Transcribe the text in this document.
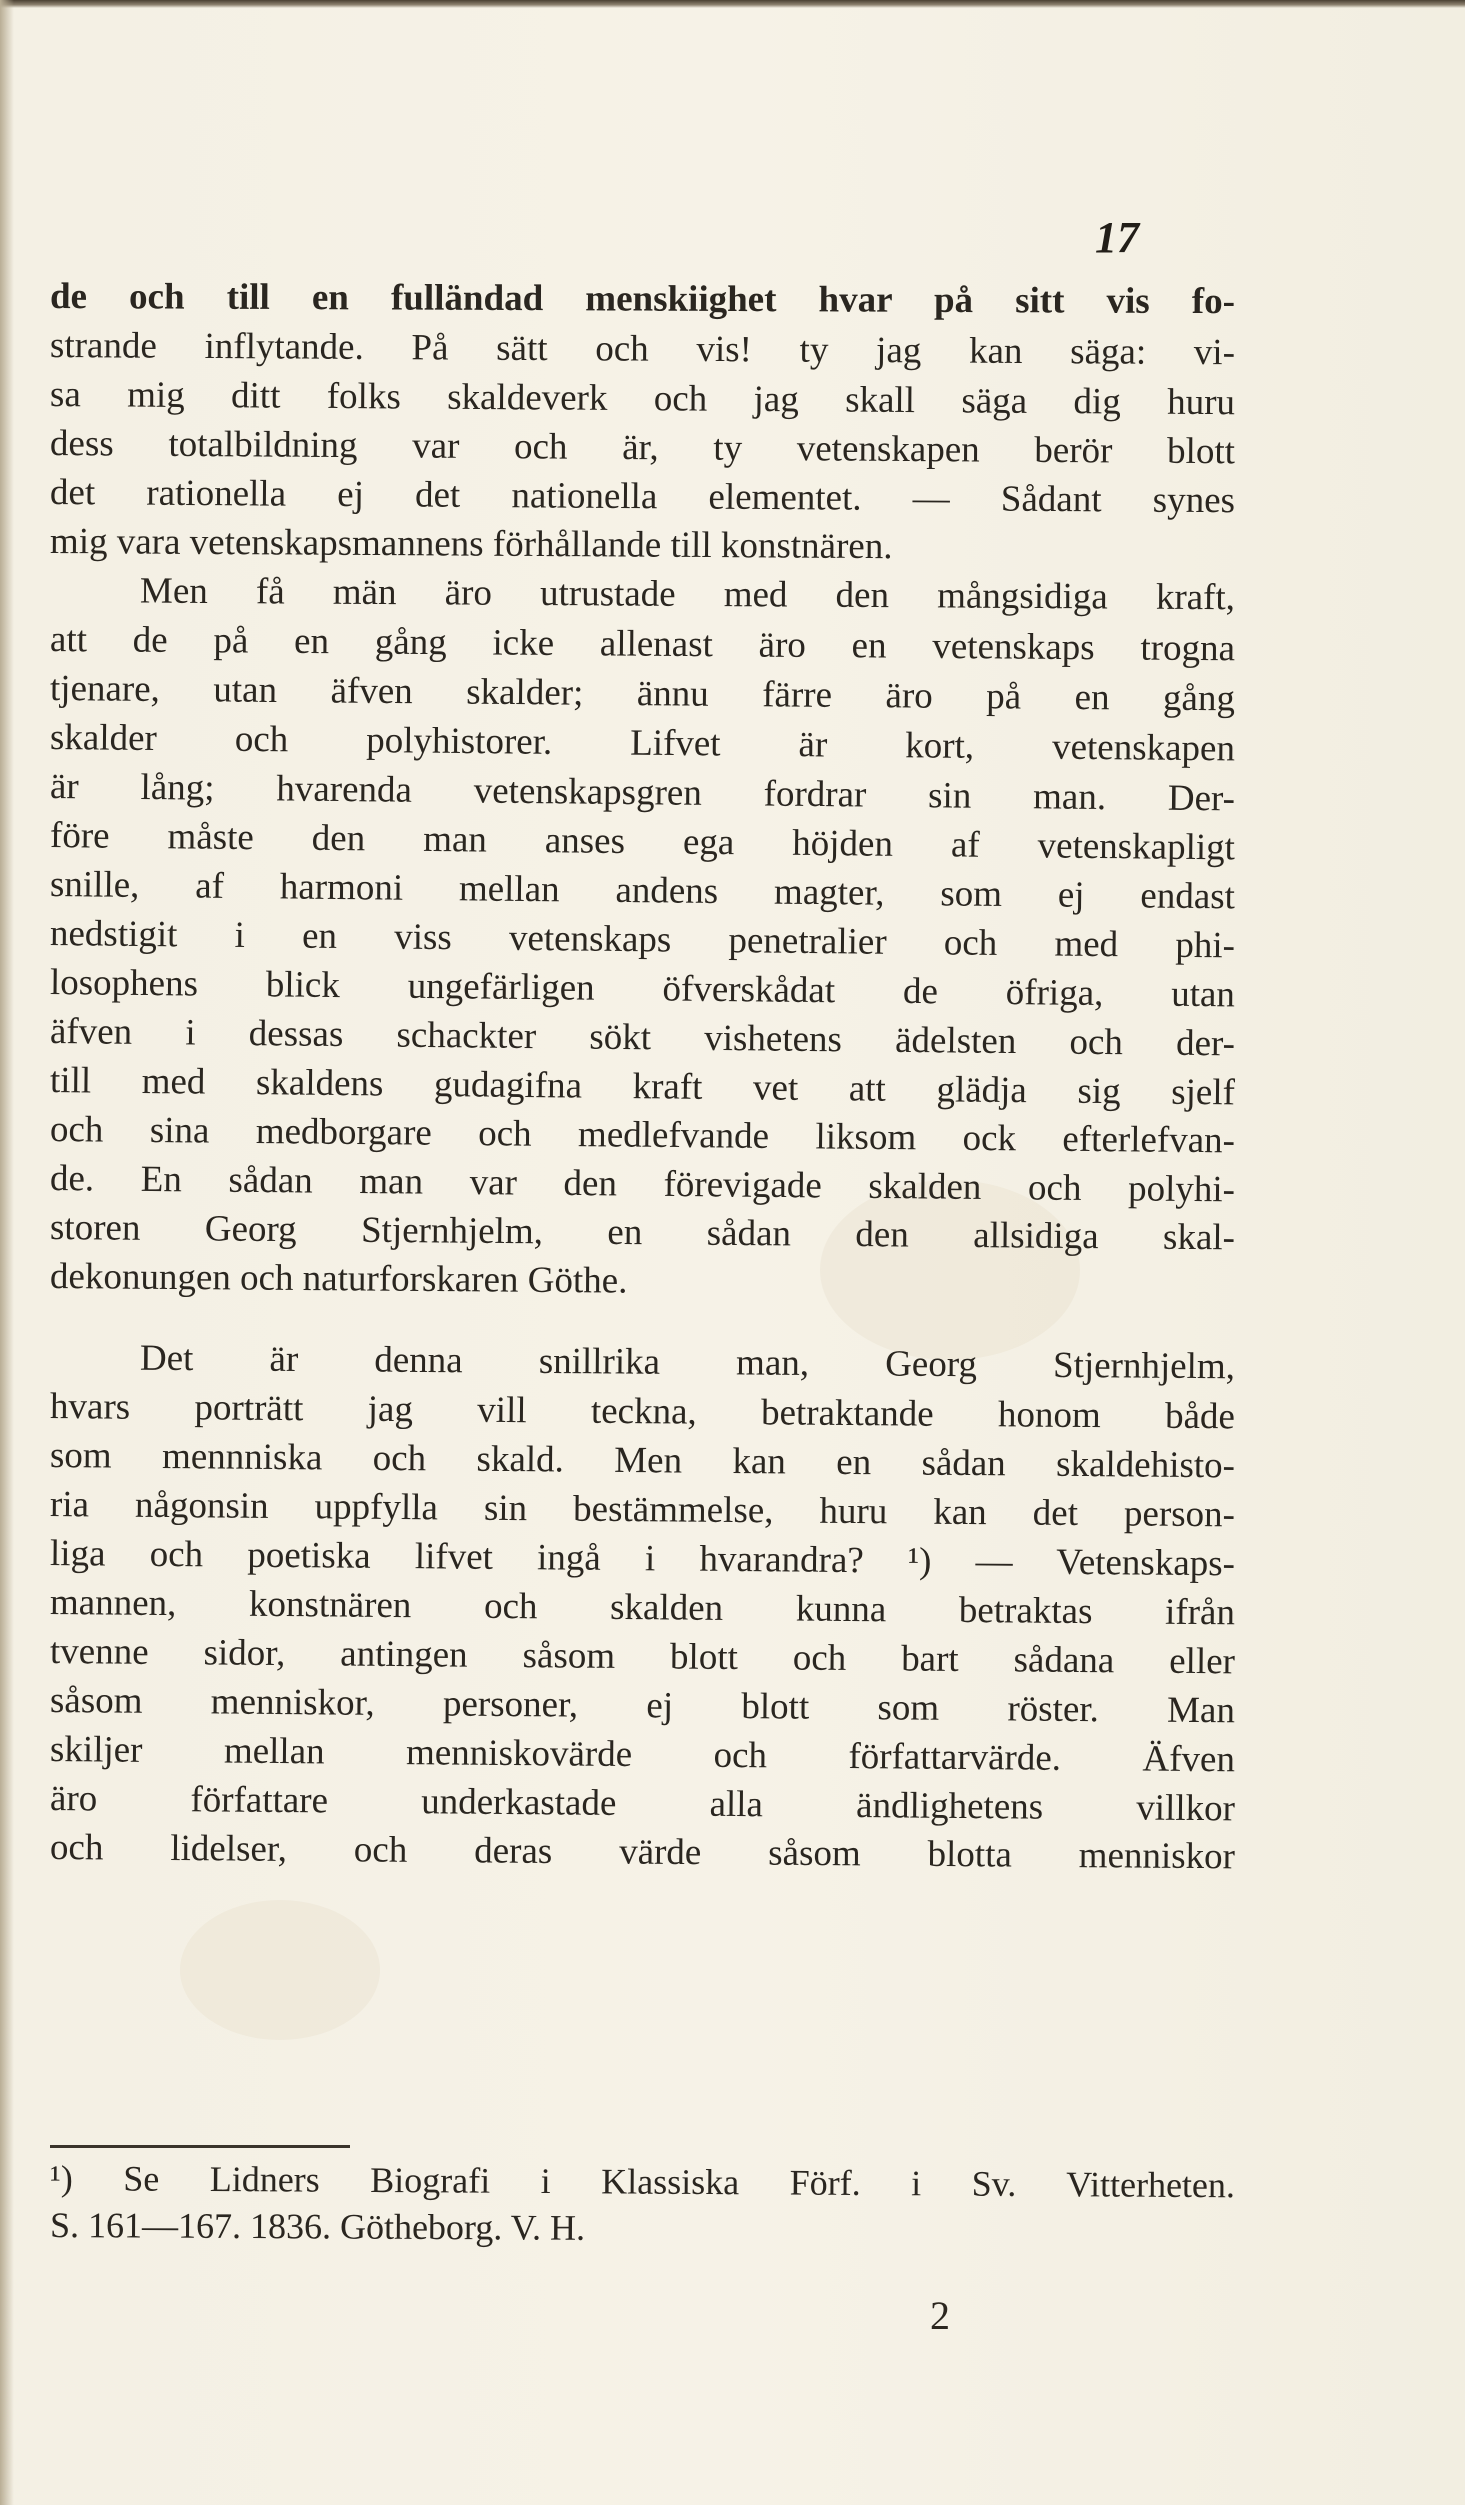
17
de och till en fulländad menskiighet hvar på sitt vis fo-
strande inflytande. På sätt och vis! ty jag kan säga: vi-
sa mig ditt folks skaldeverk och jag skall säga dig huru
dess totalbildning var och är, ty vetenskapen berör blott
det rationella ej det nationella elementet. — Sådant synes
mig vara vetenskapsmannens förhållande till konstnären.
Men få män äro utrustade med den mångsidiga kraft,
att de på en gång icke allenast äro en vetenskaps trogna
tjenare, utan äfven skalder; ännu färre äro på en gång
skalder och polyhistorer. Lifvet är kort, vetenskapen
är lång; hvarenda vetenskapsgren fordrar sin man. Der-
före måste den man anses ega höjden af vetenskapligt
snille, af harmoni mellan andens magter, som ej endast
nedstigit i en viss vetenskaps penetralier och med phi-
losophens blick ungefärligen öfverskådat de öfriga, utan
äfven i dessas schackter sökt vishetens ädelsten och der-
till med skaldens gudagifna kraft vet att glädja sig sjelf
och sina medborgare och medlefvande liksom ock efterlefvan-
de. En sådan man var den förevigade skalden och polyhi-
storen Georg Stjernhjelm, en sådan den allsidiga skal-
dekonungen och naturforskaren Göthe.
Det är denna snillrika man, Georg Stjernhjelm,
hvars porträtt jag vill teckna, betraktande honom både
som mennniska och skald. Men kan en sådan skaldehisto-
ria någonsin uppfylla sin bestämmelse, huru kan det person-
liga och poetiska lifvet ingå i hvarandra? ¹) — Vetenskaps-
mannen, konstnären och skalden kunna betraktas ifrån
tvenne sidor, antingen såsom blott och bart sådana eller
såsom menniskor, personer, ej blott som röster. Man
skiljer mellan menniskovärde och författarvärde. Äfven
äro författare underkastade alla ändlighetens villkor
och lidelser, och deras värde såsom blotta menniskor
¹) Se Lidners Biografi i Klassiska Förf. i Sv. Vitterheten.
S. 161—167. 1836. Götheborg. V. H.
2
